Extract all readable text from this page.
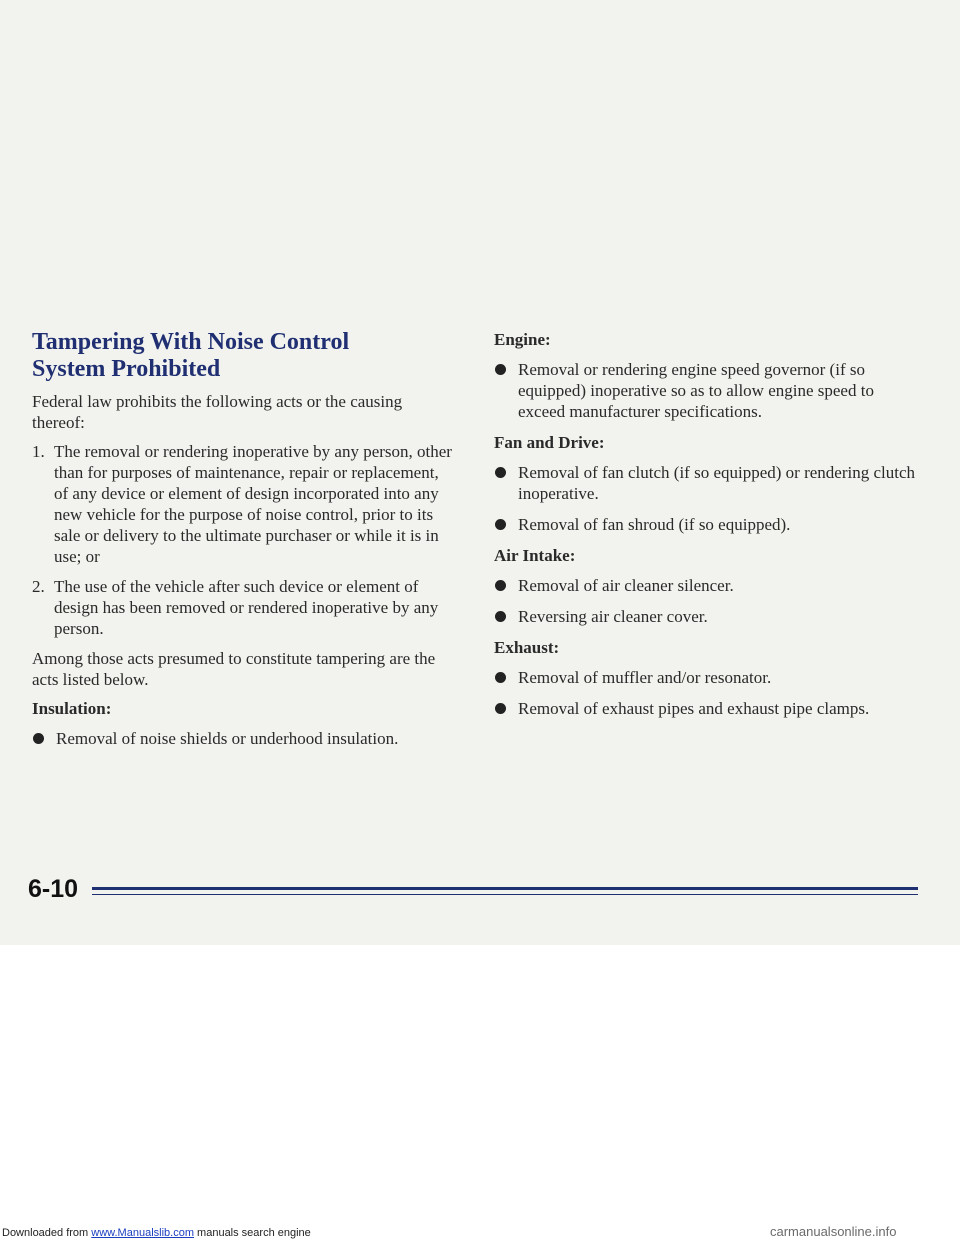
Tampering With Noise Control
System Prohibited

Federal law prohibits the following acts or the causing thereof:

1. The removal or rendering inoperative by any person, other than for purposes of maintenance, repair or replacement, of any device or element of design incorporated into any new vehicle for the purpose of noise control, prior to its sale or delivery to the ultimate purchaser or while it is in use; or
2. The use of the vehicle after such device or element of design has been removed or rendered inoperative by any person.

Among those acts presumed to constitute tampering are the acts listed below.

Insulation:
Removal of noise shields or underhood insulation.
Engine:
Removal or rendering engine speed governor (if so equipped) inoperative so as to allow engine speed to exceed manufacturer specifications.
Fan and Drive:
Removal of fan clutch (if so equipped) or rendering clutch inoperative.
Removal of fan shroud (if so equipped).
Air Intake:
Removal of air cleaner silencer.
Reversing air cleaner cover.
Exhaust:
Removal of muffler and/or resonator.
Removal of exhaust pipes and exhaust pipe clamps.
6-10
Downloaded from www.Manualslib.com manuals search engine	carmanualsonline.info
